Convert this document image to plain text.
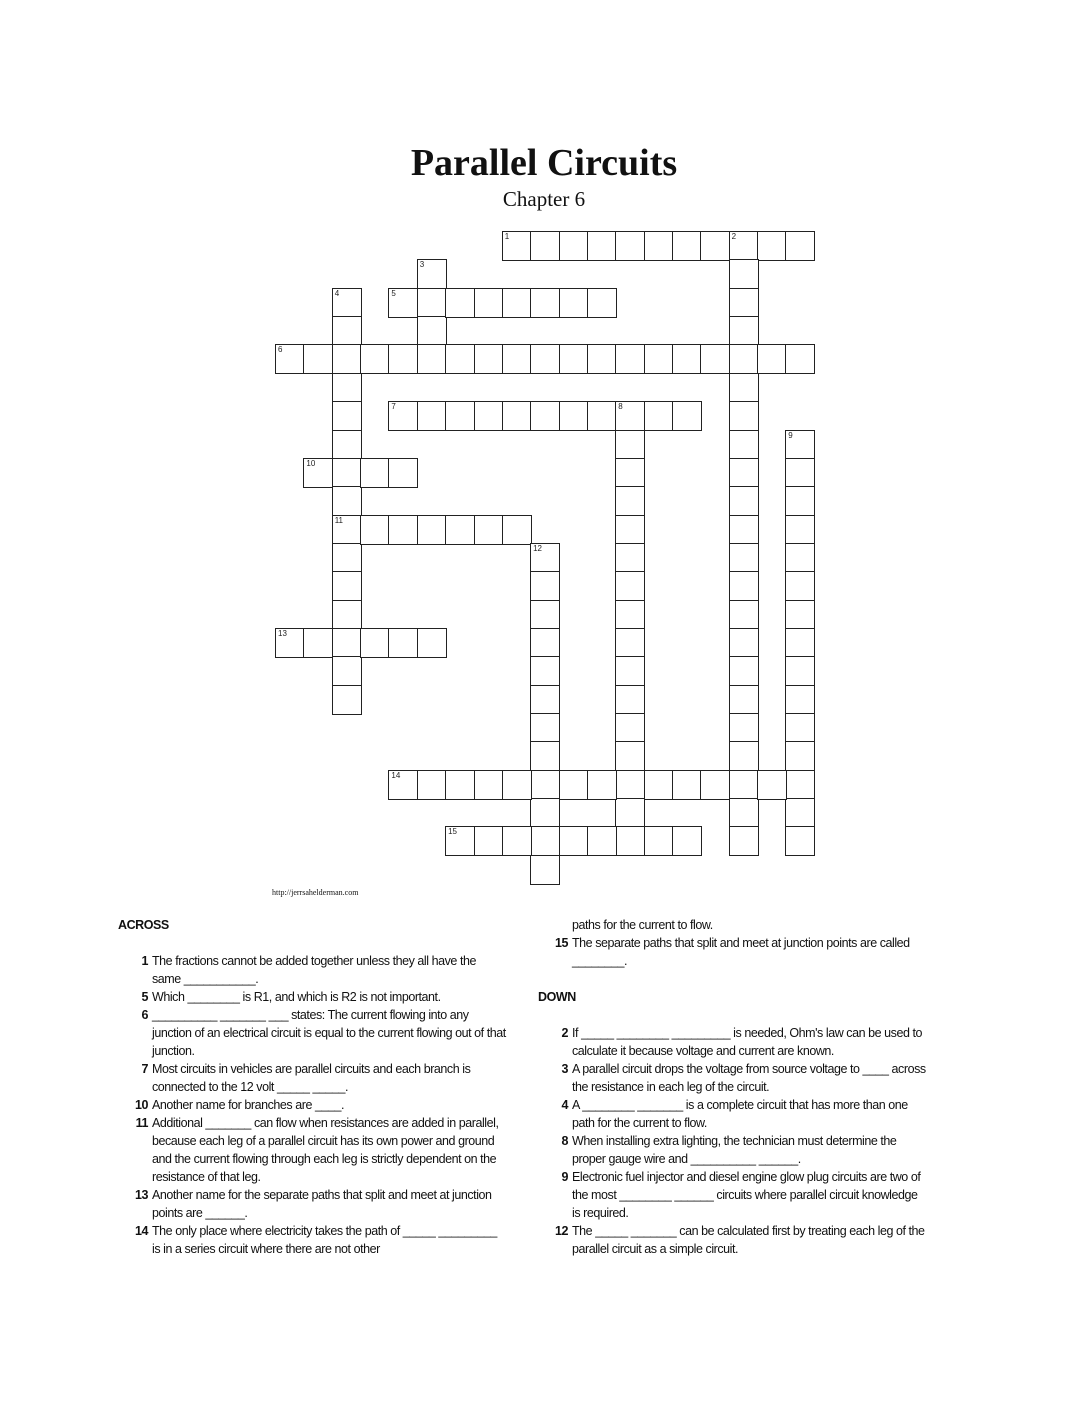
Parallel Circuits
Chapter 6
1	2
3
4
11
5
6
7	8
9
10
12
13
14
15
http://jerrsahelderman.com
ACROSS
1 The fractions cannot be added together unless they all have the same ___________.
5 Which ________ is R1, and which is R2 is not important.
6 __________ _______ ___ states: The current flowing into any junction of an electrical circuit is equal to the current flowing out of that junction.
7 Most circuits in vehicles are parallel circuits and each branch is connected to the 12 volt _____ _____.
10 Another name for branches are ____.
11 Additional _______ can flow when resistances are added in parallel, because each leg of a parallel circuit has its own power and ground and the current flowing through each leg is strictly dependent on the resistance of that leg.
13 Another name for the separate paths that split and meet at junction points are ______.
14 The only place where electricity takes the path of _____ _________ is in a series circuit where there are not other
paths for the current to flow.
15 The separate paths that split and meet at junction points are called ________.
DOWN
2 If _____ ________ _________ is needed, Ohm's law can be used to calculate it because voltage and current are known.
3 A parallel circuit drops the voltage from source voltage to ____ across the resistance in each leg of the circuit.
4 A ________ _______ is a complete circuit that has more than one path for the current to flow.
8 When installing extra lighting, the technician must determine the proper gauge wire and __________ ______.
9 Electronic fuel injector and diesel engine glow plug circuits are two of the most ________ ______ circuits where parallel circuit knowledge is required.
12 The _____ _______ can be calculated first by treating each leg of the parallel circuit as a simple circuit.
